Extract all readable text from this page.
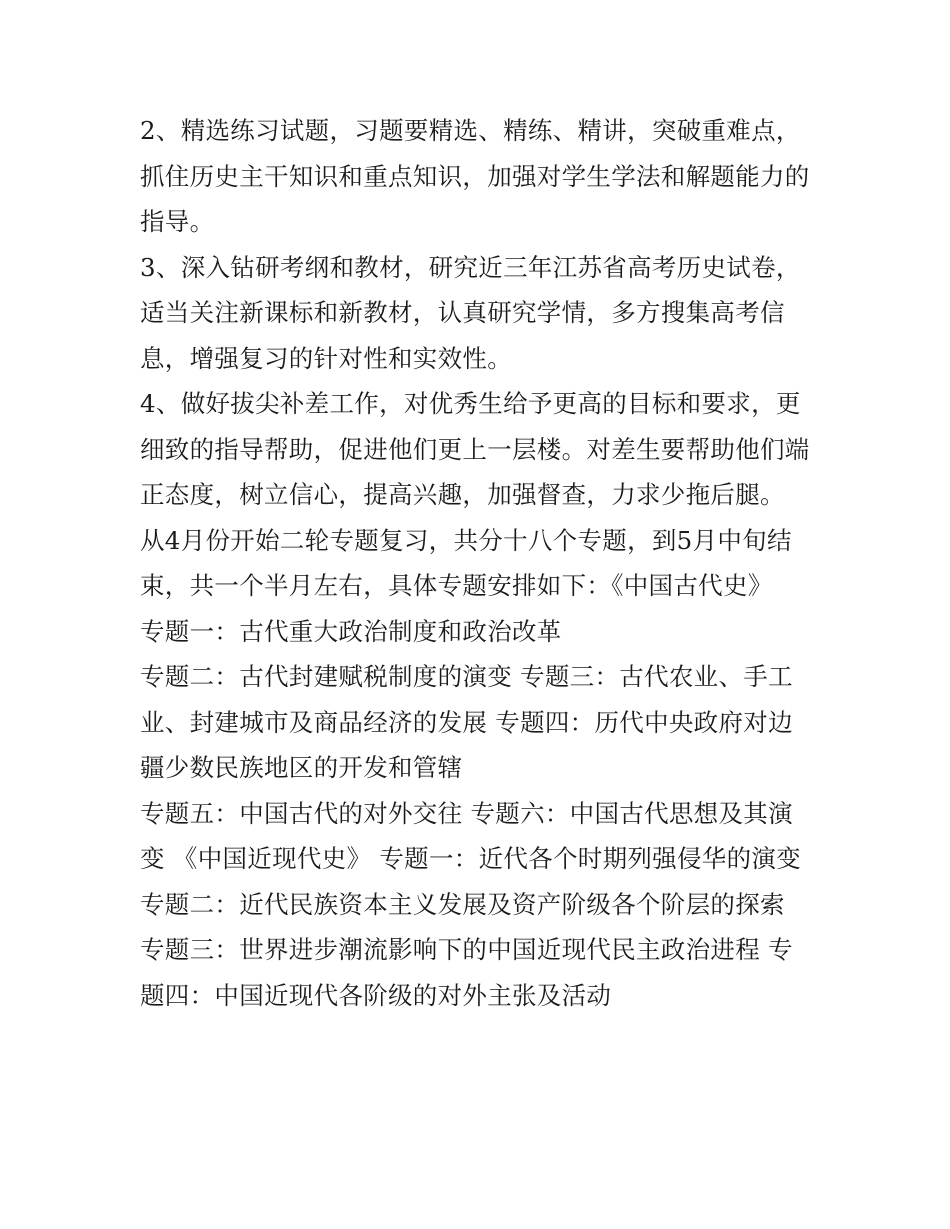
2、精选练习试题，习题要精选、精练、精讲，突破重难点，
抓住历史主干知识和重点知识，加强对学生学法和解题能力的
指导。
3、深入钻研考纲和教材，研究近三年江苏省高考历史试卷，
适当关注新课标和新教材，认真研究学情，多方搜集高考信
息，增强复习的针对性和实效性。
4、做好拔尖补差工作，对优秀生给予更高的目标和要求，更
细致的指导帮助，促进他们更上一层楼。对差生要帮助他们端
正态度，树立信心，提高兴趣，加强督查，力求少拖后腿。
从4月份开始二轮专题复习，共分十八个专题，到5月中旬结
束，共一个半月左右，具体专题安排如下：《中国古代史》
专题一：古代重大政治制度和政治改革
专题二：古代封建赋税制度的演变 专题三：古代农业、手工
业、封建城市及商品经济的发展 专题四：历代中央政府对边
疆少数民族地区的开发和管辖
专题五：中国古代的对外交往 专题六：中国古代思想及其演
变 《中国近现代史》 专题一：近代各个时期列强侵华的演变
专题二：近代民族资本主义发展及资产阶级各个阶层的探索
专题三：世界进步潮流影响下的中国近现代民主政治进程 专
题四：中国近现代各阶级的对外主张及活动
